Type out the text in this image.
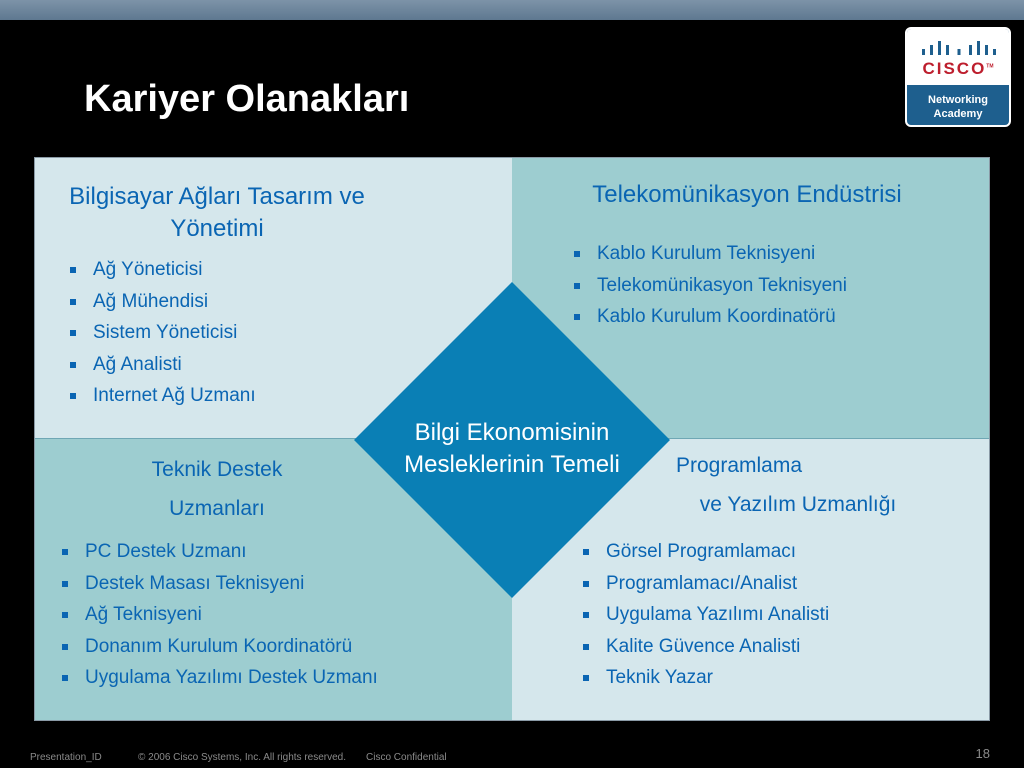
Kariyer Olanakları
CISCO™
Networking
Academy
Bilgisayar Ağları Tasarım ve
Yönetimi
Ağ Yöneticisi
Ağ Mühendisi
Sistem Yöneticisi
Ağ Analisti
Internet Ağ Uzmanı
Telekomünikasyon Endüstrisi
Kablo Kurulum Teknisyeni
Telekomünikasyon Teknisyeni
Kablo Kurulum Koordinatörü
Teknik Destek
Uzmanları
PC Destek Uzmanı
Destek Masası Teknisyeni
Ağ Teknisyeni
Donanım Kurulum Koordinatörü
Uygulama Yazılımı Destek Uzmanı
Programlama
ve Yazılım Uzmanlığı
Görsel Programlamacı
Programlamacı/Analist
Uygulama Yazılımı Analisti
Kalite Güvence Analisti
Teknik Yazar
Bilgi Ekonomisinin
Mesleklerinin Temeli
Presentation_ID	© 2006 Cisco Systems, Inc. All rights reserved. Cisco Confidential	18
